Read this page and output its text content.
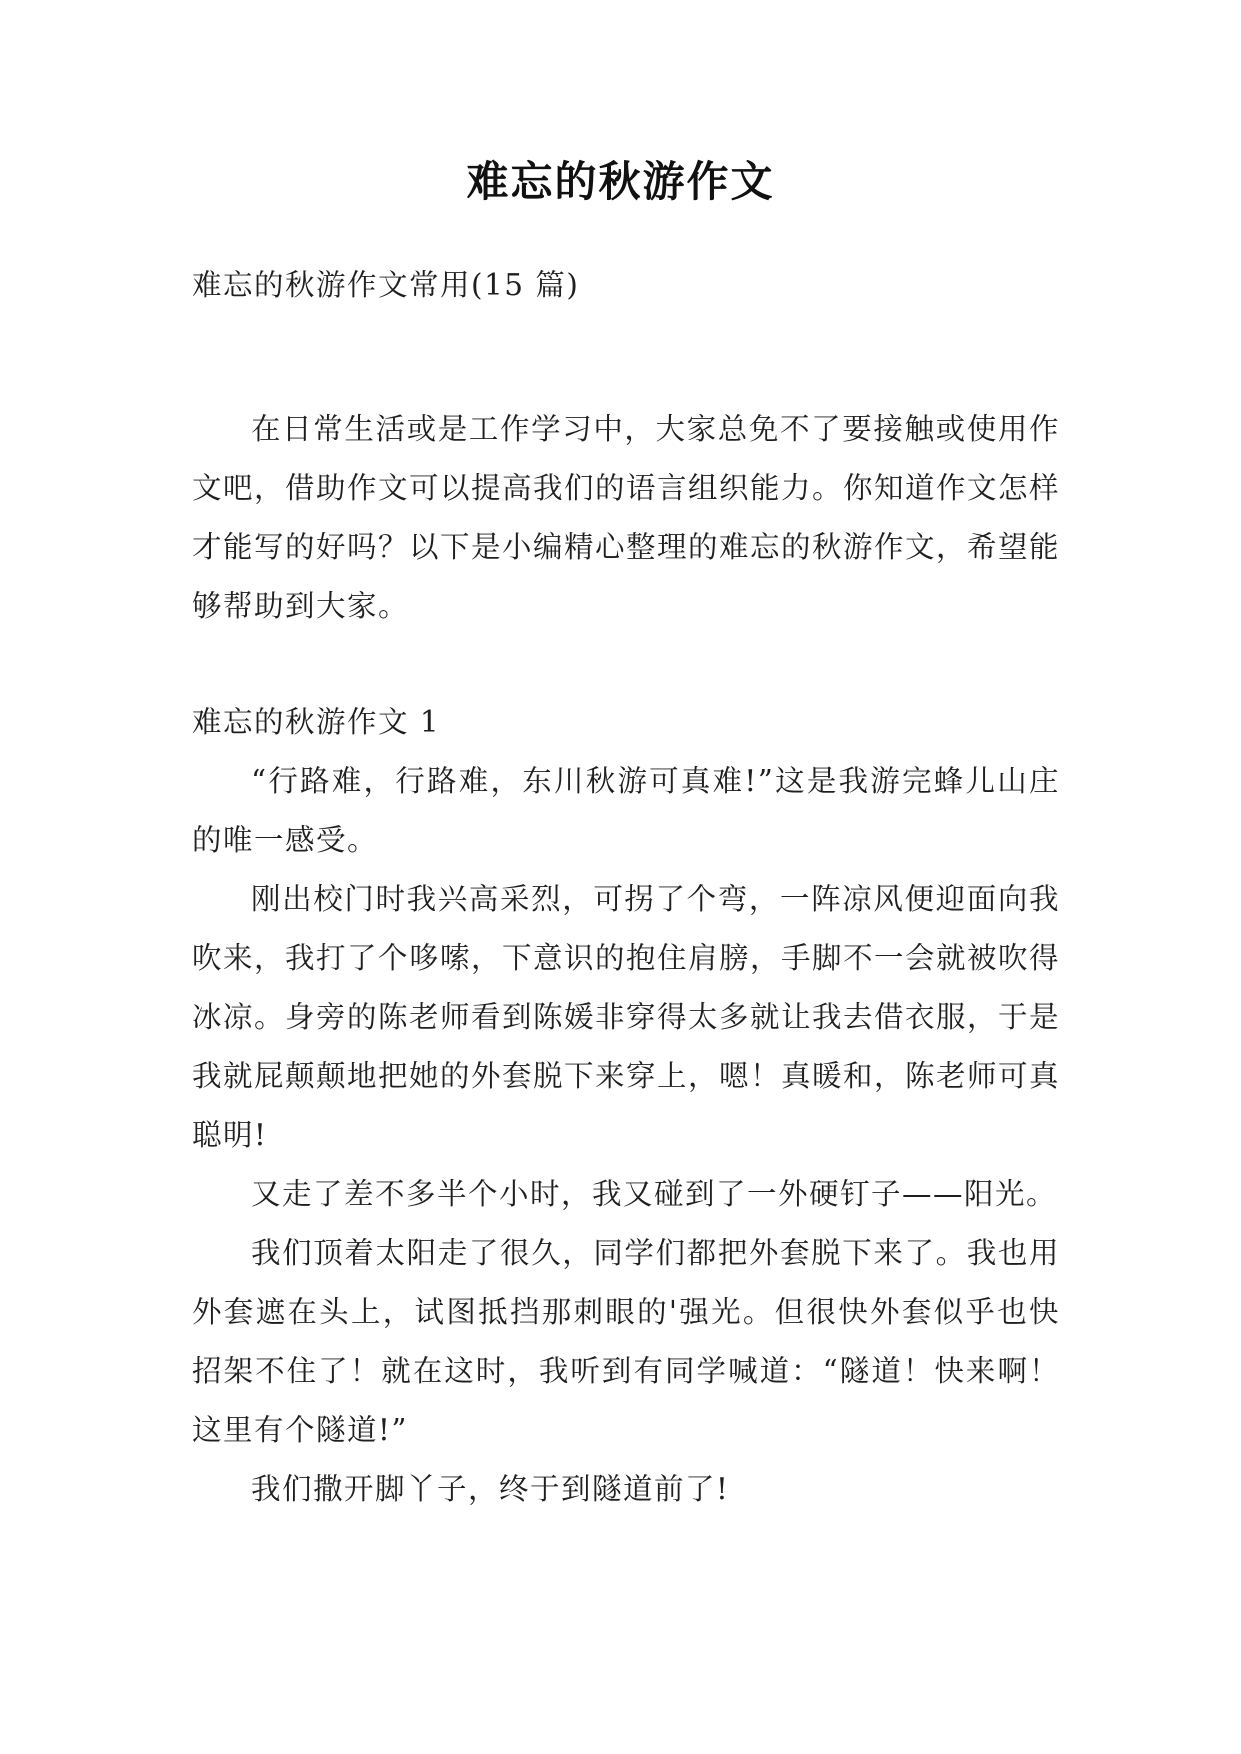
难忘的秋游作文
难忘的秋游作文常用(15 篇)

在日常生活或是工作学习中，大家总免不了要接触或使用作文吧，借助作文可以提高我们的语言组织能力。你知道作文怎样才能写的好吗？以下是小编精心整理的难忘的秋游作文，希望能够帮助到大家。

难忘的秋游作文 1

“行路难，行路难，东川秋游可真难!”这是我游完蜂儿山庄的唯一感受。

刚出校门时我兴高采烈，可拐了个弯，一阵凉风便迎面向我吹来，我打了个哆嗦，下意识的抱住肩膀，手脚不一会就被吹得冰凉。身旁的陈老师看到陈媛非穿得太多就让我去借衣服，于是我就屁颠颠地把她的外套脱下来穿上，嗯！真暖和，陈老师可真聪明!

又走了差不多半个小时，我又碰到了一外硬钉子——阳光。

我们顶着太阳走了很久，同学们都把外套脱下来了。我也用外套遮在头上，试图抵挡那刺眼的'强光。但很快外套似乎也快招架不住了！就在这时，我听到有同学喊道：“隧道！快来啊！这里有个隧道!”

我们撒开脚丫子，终于到隧道前了!
